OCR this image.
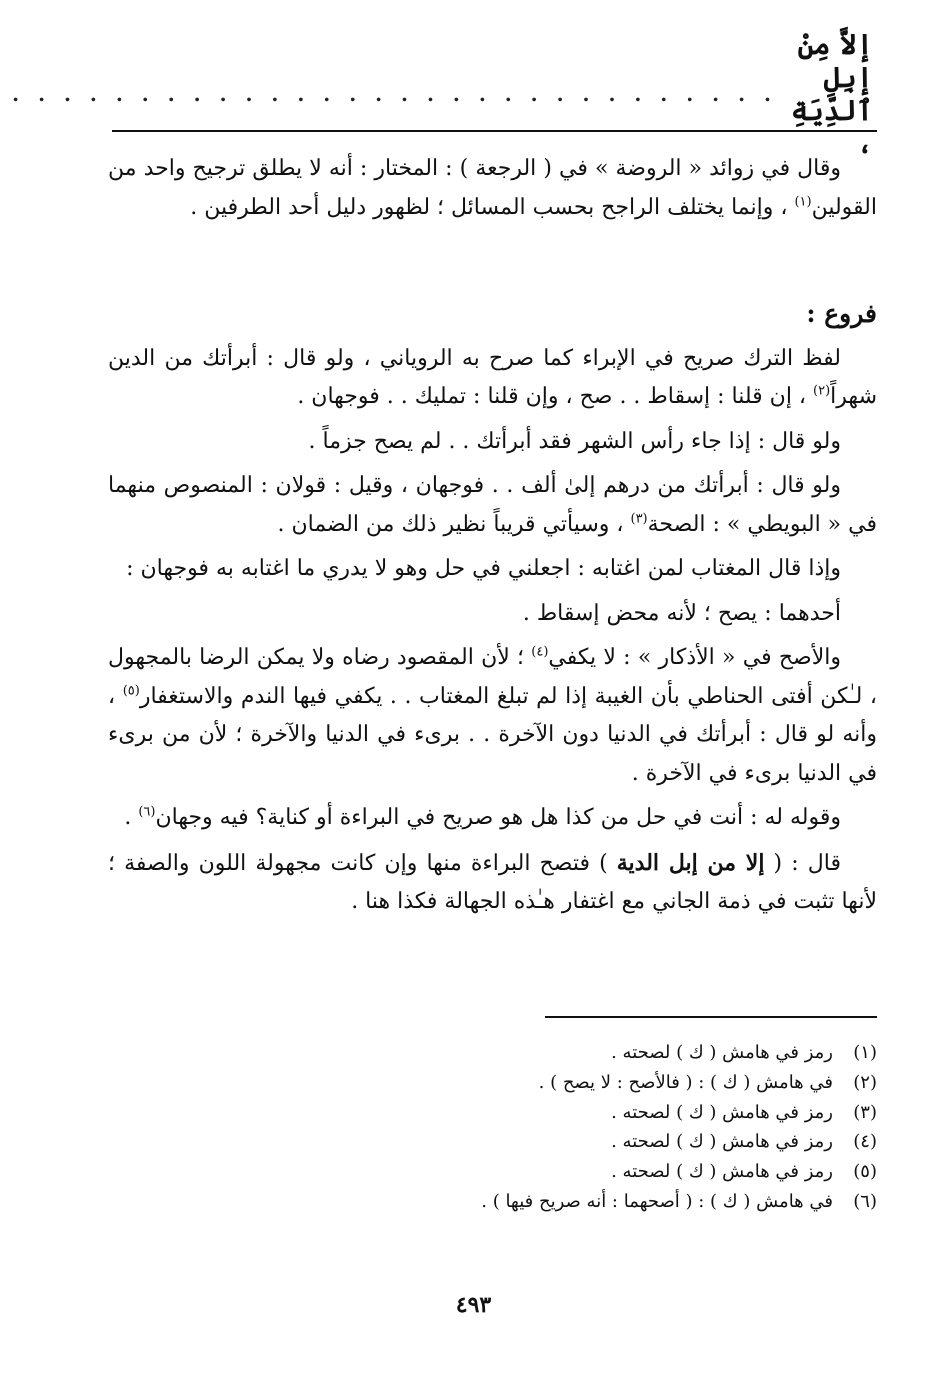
إلاَّ مِنْ إبِلِ ٱلدِّيَةِ ،
. . . . . . . . . . . . . . . . . . . . . . . . . . . . . .

وقال في زوائد « الروضة » في ( الرجعة ) : المختار : أنه لا يطلق ترجيح واحد من القولين$^{(١)}$ ، وإنما يختلف الراجح بحسب المسائل ؛ لظهور دليل أحد الطرفين .

فروع :

لفظ الترك صريح في الإبراء كما صرح به الروياني ، ولو قال : أبرأتك من الدين شهراً$^{(٢)}$ ، إن قلنا : إسقاط . . صح ، وإن قلنا : تمليك . . فوجهان .

ولو قال : إذا جاء رأس الشهر فقد أبرأتك . . لم يصح جزماً .

ولو قال : أبرأتك من درهم إلىٰ ألف . . فوجهان ، وقيل : قولان : المنصوص منهما في « البويطي » : الصحة$^{(٣)}$ ، وسيأتي قريباً نظير ذلك من الضمان .

وإذا قال المغتاب لمن اغتابه : اجعلني في حل وهو لا يدري ما اغتابه به فوجهان :

أحدهما : يصح ؛ لأنه محض إسقاط .

والأصح في « الأذكار » : لا يكفي$^{(٤)}$ ؛ لأن المقصود رضاه ولا يمكن الرضا بالمجهول ، لـٰكن أفتى الحناطي بأن الغيبة إذا لم تبلغ المغتاب . . يكفي فيها الندم والاستغفار$^{(٥)}$ ، وأنه لو قال : أبرأتك في الدنيا دون الآخرة . . برىء في الدنيا والآخرة ؛ لأن من برىء في الدنيا برىء في الآخرة .

وقوله له : أنت في حل من كذا هل هو صريح في البراءة أو كناية؟ فيه وجهان$^{(٦)}$ .

قال : ( إلا من إبل الدية ) فتصح البراءة منها وإن كانت مجهولة اللون والصفة ؛ لأنها تثبت في ذمة الجاني مع اغتفار هـٰذه الجهالة فكذا هنا .

(١)
رمز في هامش ( ك ) لصحته .
(٢)
في هامش ( ك ) : ( فالأصح : لا يصح ) .
(٣)
رمز في هامش ( ك ) لصحته .
(٤)
رمز في هامش ( ك ) لصحته .
(٥)
رمز في هامش ( ك ) لصحته .
(٦)
في هامش ( ك ) : ( أصحهما : أنه صريح فيها ) .
٤٩٣
